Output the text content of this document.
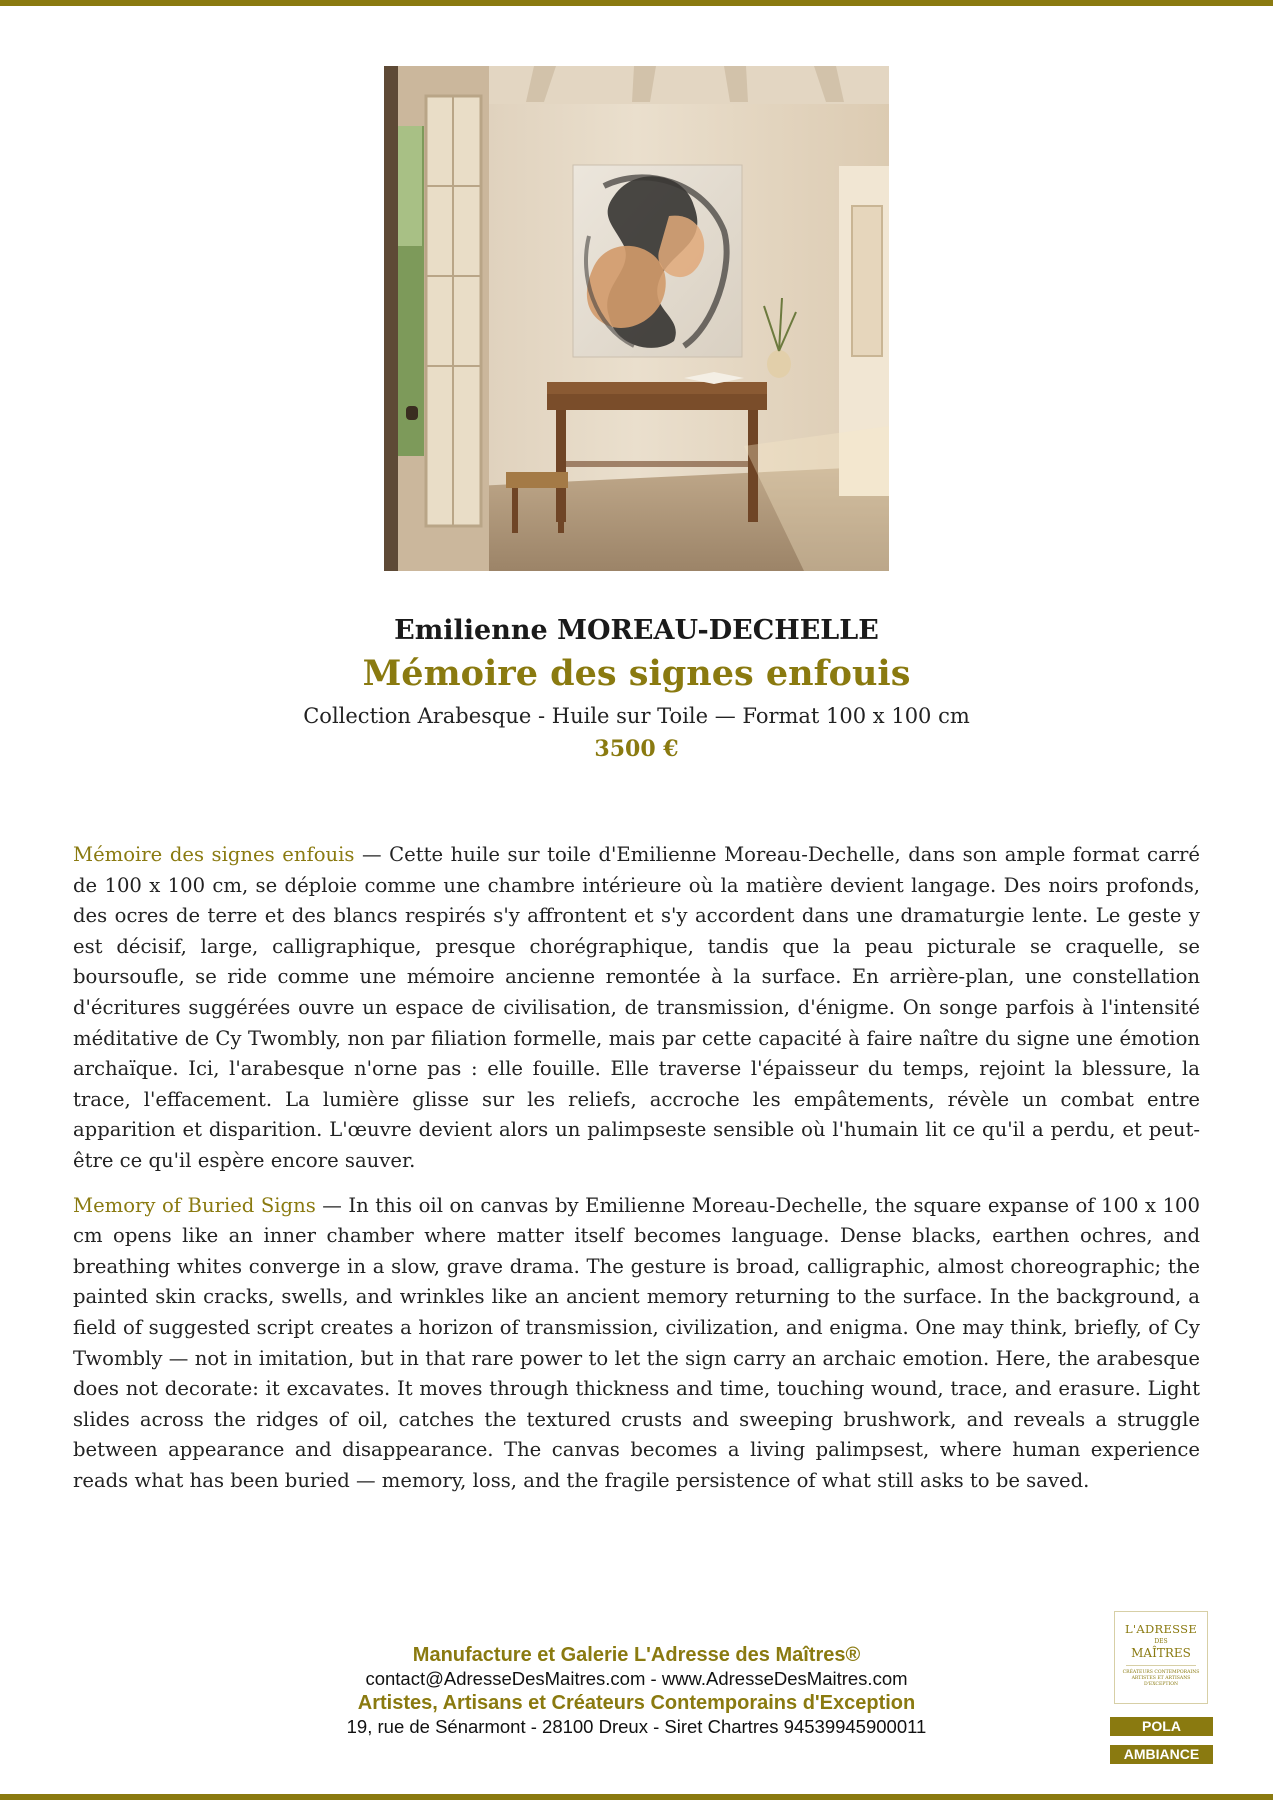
Emilienne MOREAU-DECHELLE
Mémoire des signes enfouis
Collection Arabesque - Huile sur Toile — Format 100 x 100 cm
3500 €

Mémoire des signes enfouis — Cette huile sur toile d'Emilienne Moreau-Dechelle, dans son ample format carré de 100 x 100 cm, se déploie comme une chambre intérieure où la matière devient langage. Des noirs profonds, des ocres de terre et des blancs respirés s'y affrontent et s'y accordent dans une dramaturgie lente. Le geste y est décisif, large, calligraphique, presque chorégraphique, tandis que la peau picturale se craquelle, se boursoufle, se ride comme une mémoire ancienne remontée à la surface. En arrière-plan, une constellation d'écritures suggérées ouvre un espace de civilisation, de transmission, d'énigme. On songe parfois à l'intensité méditative de Cy Twombly, non par filiation formelle, mais par cette capacité à faire naître du signe une émotion archaïque. Ici, l'arabesque n'orne pas : elle fouille. Elle traverse l'épaisseur du temps, rejoint la blessure, la trace, l'effacement. La lumière glisse sur les reliefs, accroche les empâtements, révèle un combat entre apparition et disparition. L'œuvre devient alors un palimpseste sensible où l'humain lit ce qu'il a perdu, et peut-être ce qu'il espère encore sauver.

Memory of Buried Signs — In this oil on canvas by Emilienne Moreau-Dechelle, the square expanse of 100 x 100 cm opens like an inner chamber where matter itself becomes language. Dense blacks, earthen ochres, and breathing whites converge in a slow, grave drama. The gesture is broad, calligraphic, almost choreographic; the painted skin cracks, swells, and wrinkles like an ancient memory returning to the surface. In the background, a field of suggested script creates a horizon of transmission, civilization, and enigma. One may think, briefly, of Cy Twombly — not in imitation, but in that rare power to let the sign carry an archaic emotion. Here, the arabesque does not decorate: it excavates. It moves through thickness and time, touching wound, trace, and erasure. Light slides across the ridges of oil, catches the textured crusts and sweeping brushwork, and reveals a struggle between appearance and disappearance. The canvas becomes a living palimpsest, where human experience reads what has been buried — memory, loss, and the fragile persistence of what still asks to be saved.

Manufacture et Galerie L'Adresse des Maîtres®
contact@AdresseDesMaitres.com - www.AdresseDesMaitres.com
Artistes, Artisans et Créateurs Contemporains d'Exception
19, rue de Sénarmont - 28100 Dreux - Siret Chartres 94539945900011
L'ADRESSE
DES
MAÎTRES
CRÉATEURS CONTEMPORAINS ARTISTES ET ARTISANS D'EXCEPTION
POLA
AMBIANCE
